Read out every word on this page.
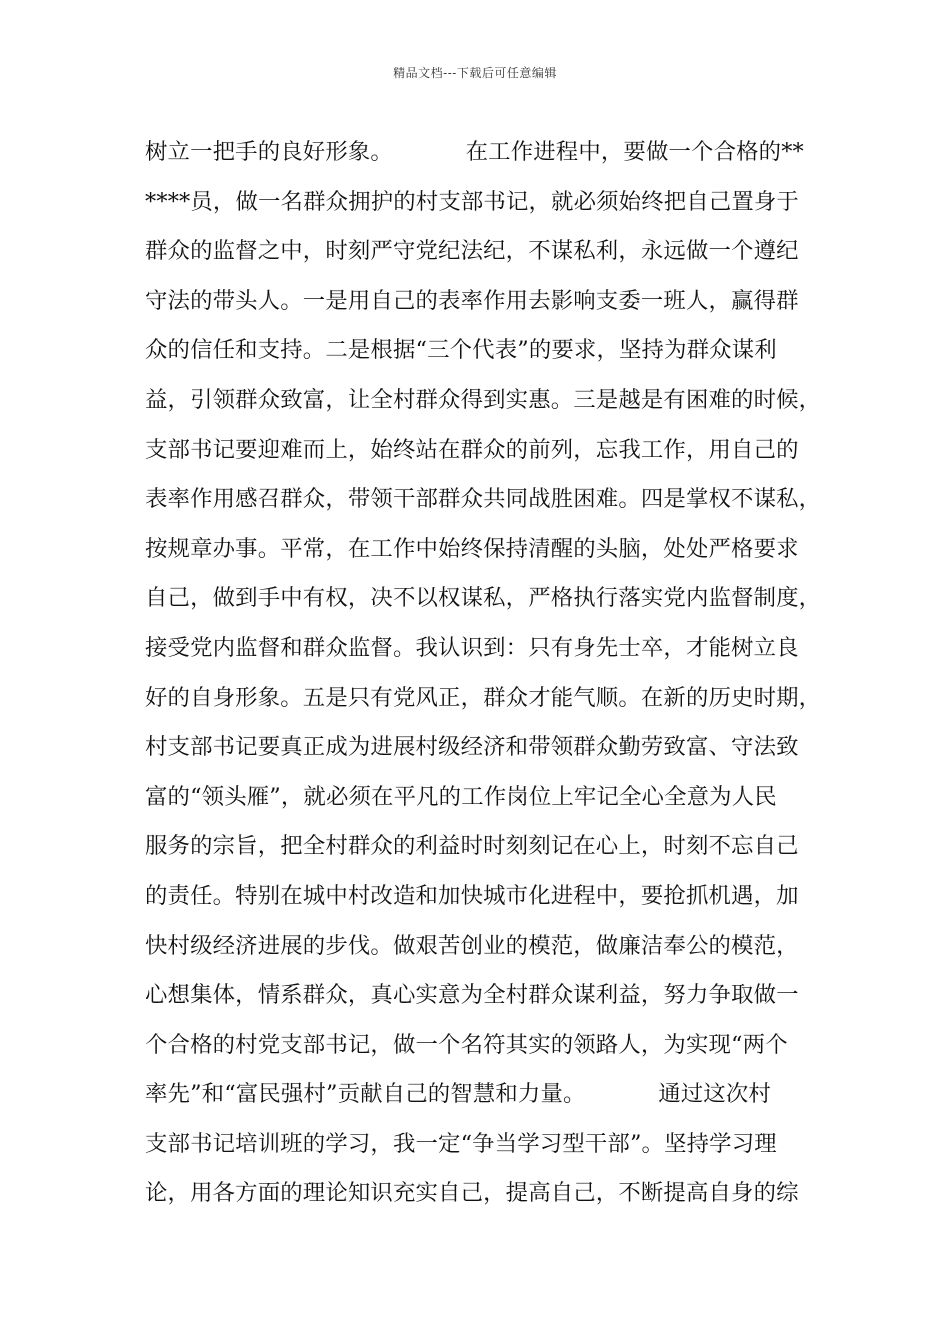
精品文档---下载后可任意编辑
树立一把手的良好形象。          在工作进程中，要做一个合格的**
****员，做一名群众拥护的村支部书记，就必须始终把自己置身于
群众的监督之中，时刻严守党纪法纪，不谋私利，永远做一个遵纪
守法的带头人。一是用自己的表率作用去影响支委一班人，赢得群
众的信任和支持。二是根据“三个代表”的要求，坚持为群众谋利
益，引领群众致富，让全村群众得到实惠。三是越是有困难的时候，
支部书记要迎难而上，始终站在群众的前列，忘我工作，用自己的
表率作用感召群众，带领干部群众共同战胜困难。四是掌权不谋私，
按规章办事。平常，在工作中始终保持清醒的头脑，处处严格要求
自己，做到手中有权，决不以权谋私，严格执行落实党内监督制度，
接受党内监督和群众监督。我认识到：只有身先士卒，才能树立良
好的自身形象。五是只有党风正，群众才能气顺。在新的历史时期，
村支部书记要真正成为进展村级经济和带领群众勤劳致富、守法致
富的“领头雁”，就必须在平凡的工作岗位上牢记全心全意为人民
服务的宗旨，把全村群众的利益时时刻刻记在心上，时刻不忘自己
的责任。特别在城中村改造和加快城市化进程中，要抢抓机遇，加
快村级经济进展的步伐。做艰苦创业的模范，做廉洁奉公的模范，
心想集体，情系群众，真心实意为全村群众谋利益，努力争取做一
个合格的村党支部书记，做一个名符其实的领路人，为实现“两个
率先”和“富民强村”贡献自己的智慧和力量。          通过这次村
支部书记培训班的学习，我一定“争当学习型干部”。坚持学习理
论，用各方面的理论知识充实自己，提高自己，不断提高自身的综
